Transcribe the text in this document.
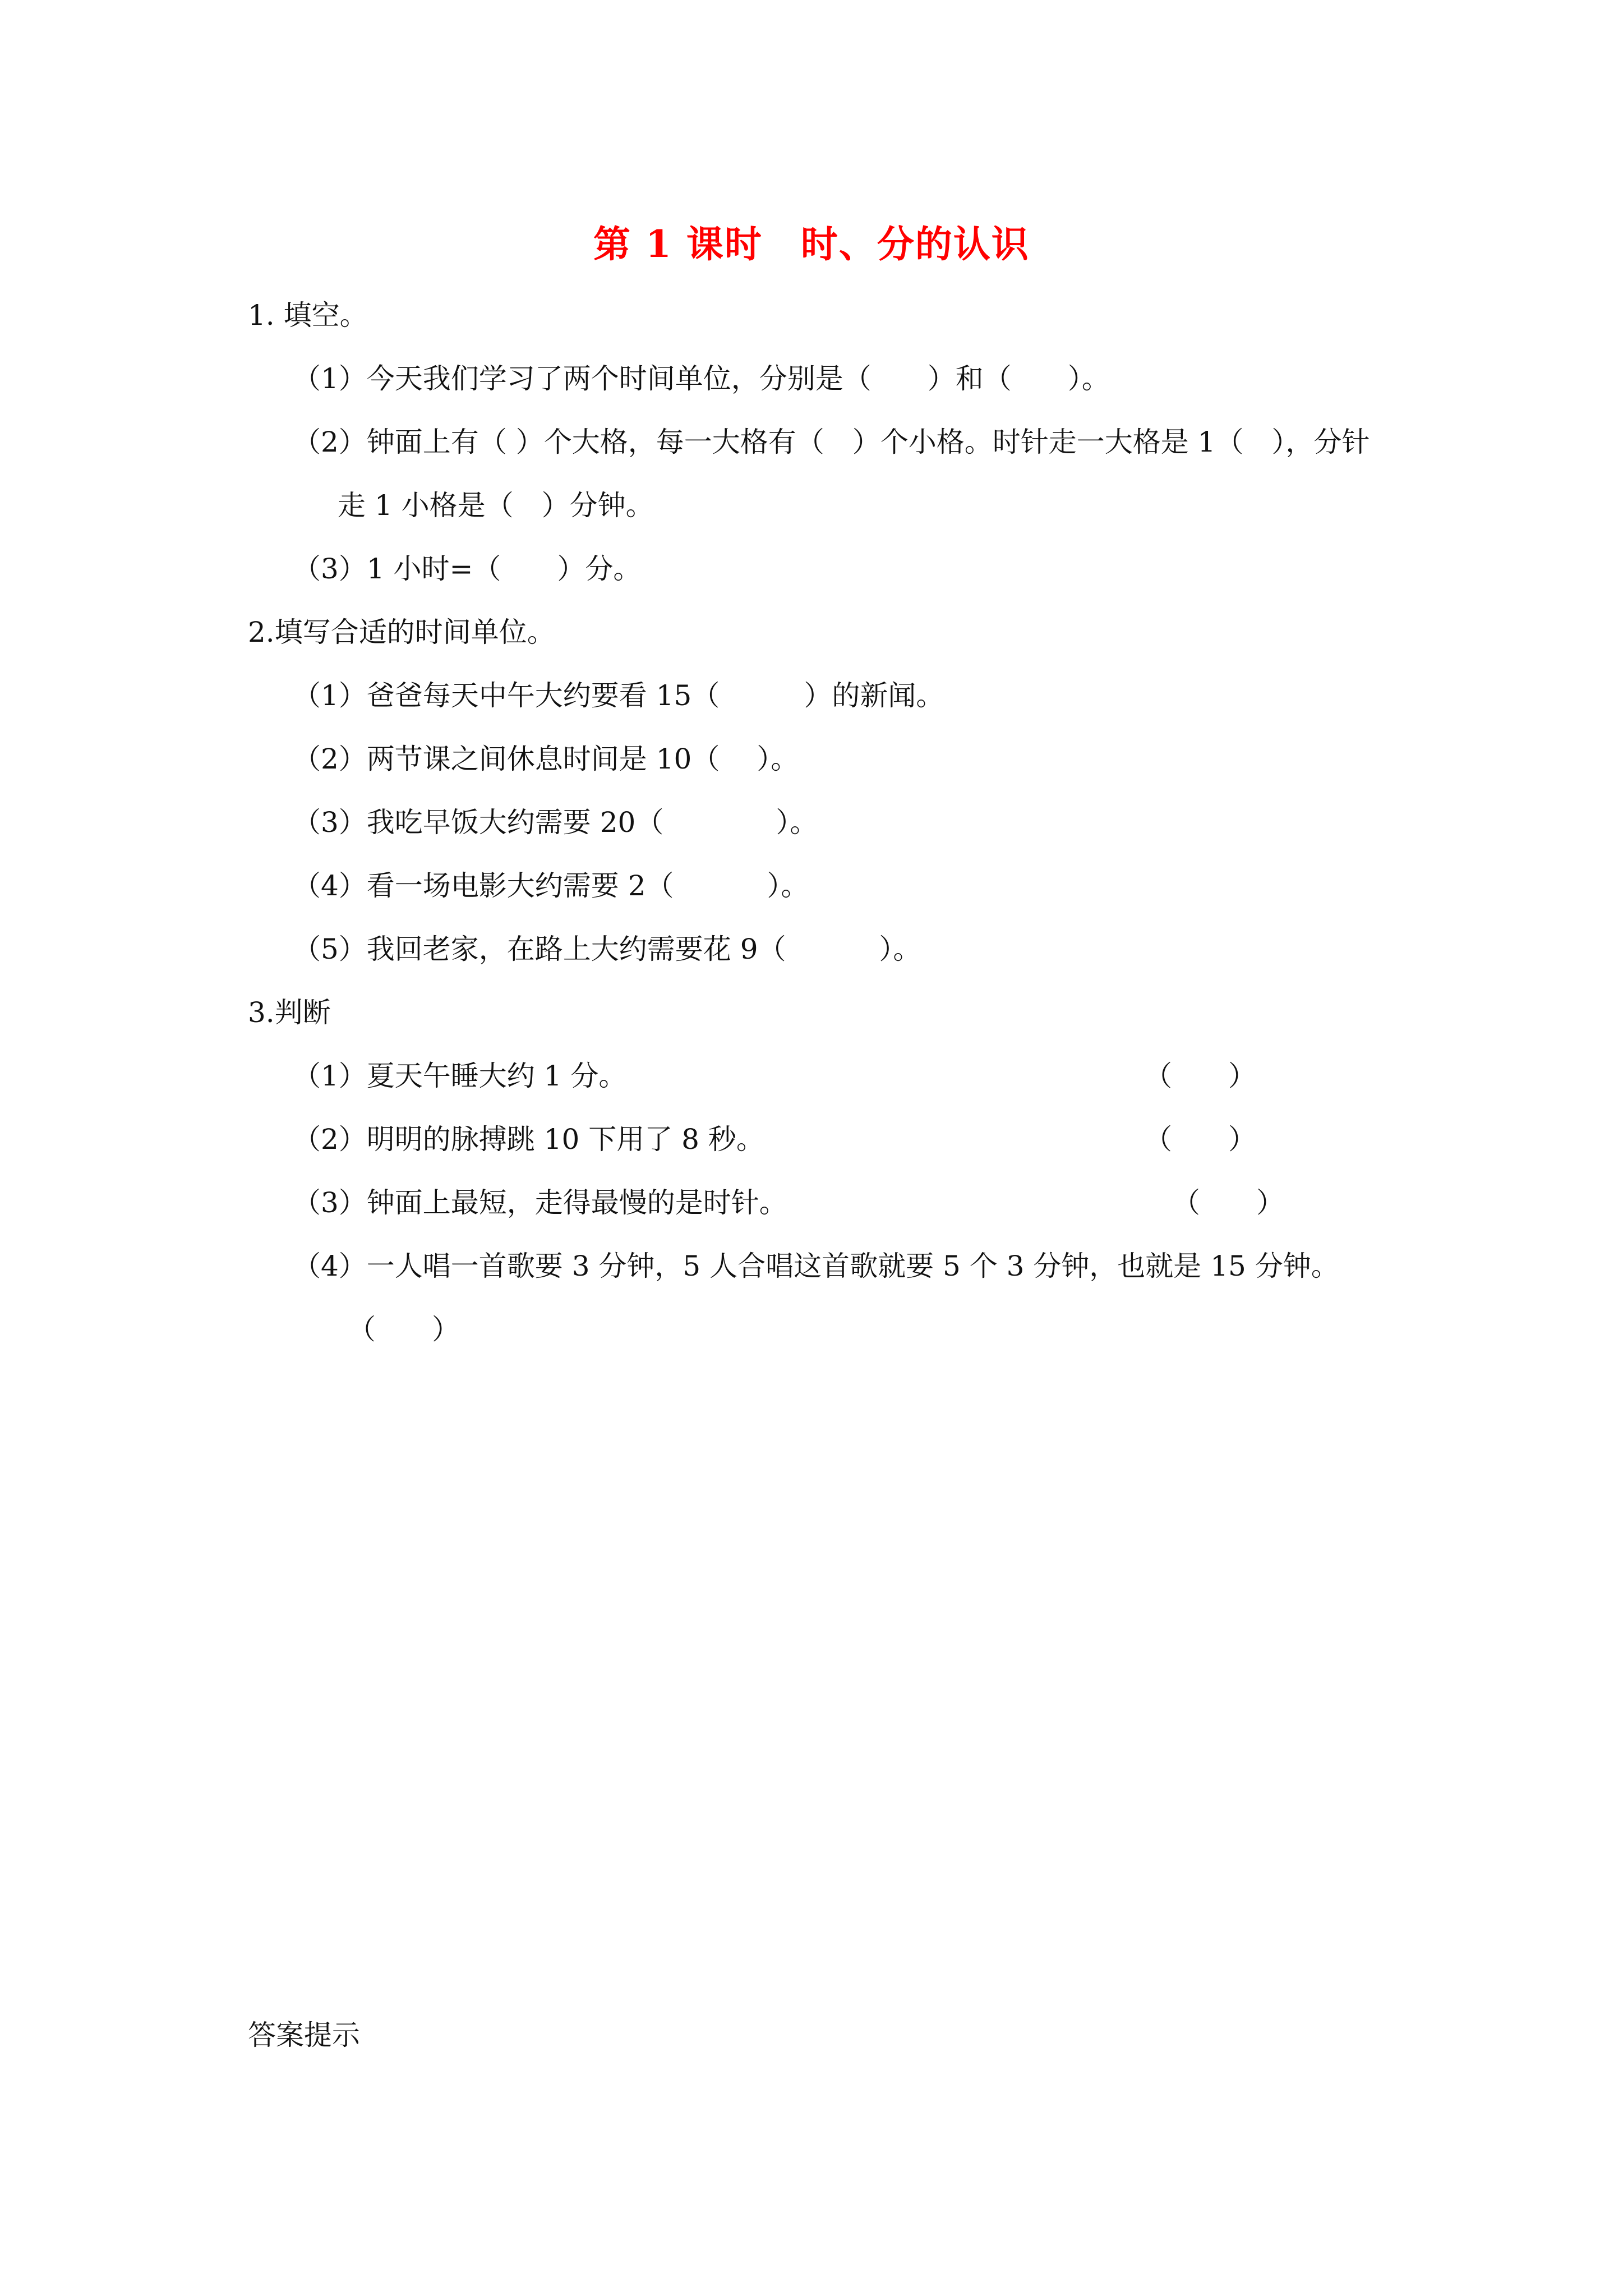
第 1 课时　时、分的认识
1. 填空。
（1）今天我们学习了两个时间单位，分别是（　　）和（　　）。
（2）钟面上有（ ）个大格，每一大格有（　）个小格。时针走一大格是 1（　），分针
走 1 小格是（　）分钟。
（3）1 小时=（　　）分。
2.填写合适的时间单位。
（1）爸爸每天中午大约要看 15（　　　）的新闻。
（2）两节课之间休息时间是 10（　 ）。
（3）我吃早饭大约需要 20（　　　　）。
（4）看一场电影大约需要 2（　　　 ）。
（5）我回老家，在路上大约需要花 9（　　　 ）。
3.判断
（1）夏天午睡大约 1 分。	（　　）
（2）明明的脉搏跳 10 下用了 8 秒。	（　　）
（3）钟面上最短，走得最慢的是时针。	（　　）
（4）一人唱一首歌要 3 分钟，5 人合唱这首歌就要 5 个 3 分钟，也就是 15 分钟。
（　　）
答案提示
